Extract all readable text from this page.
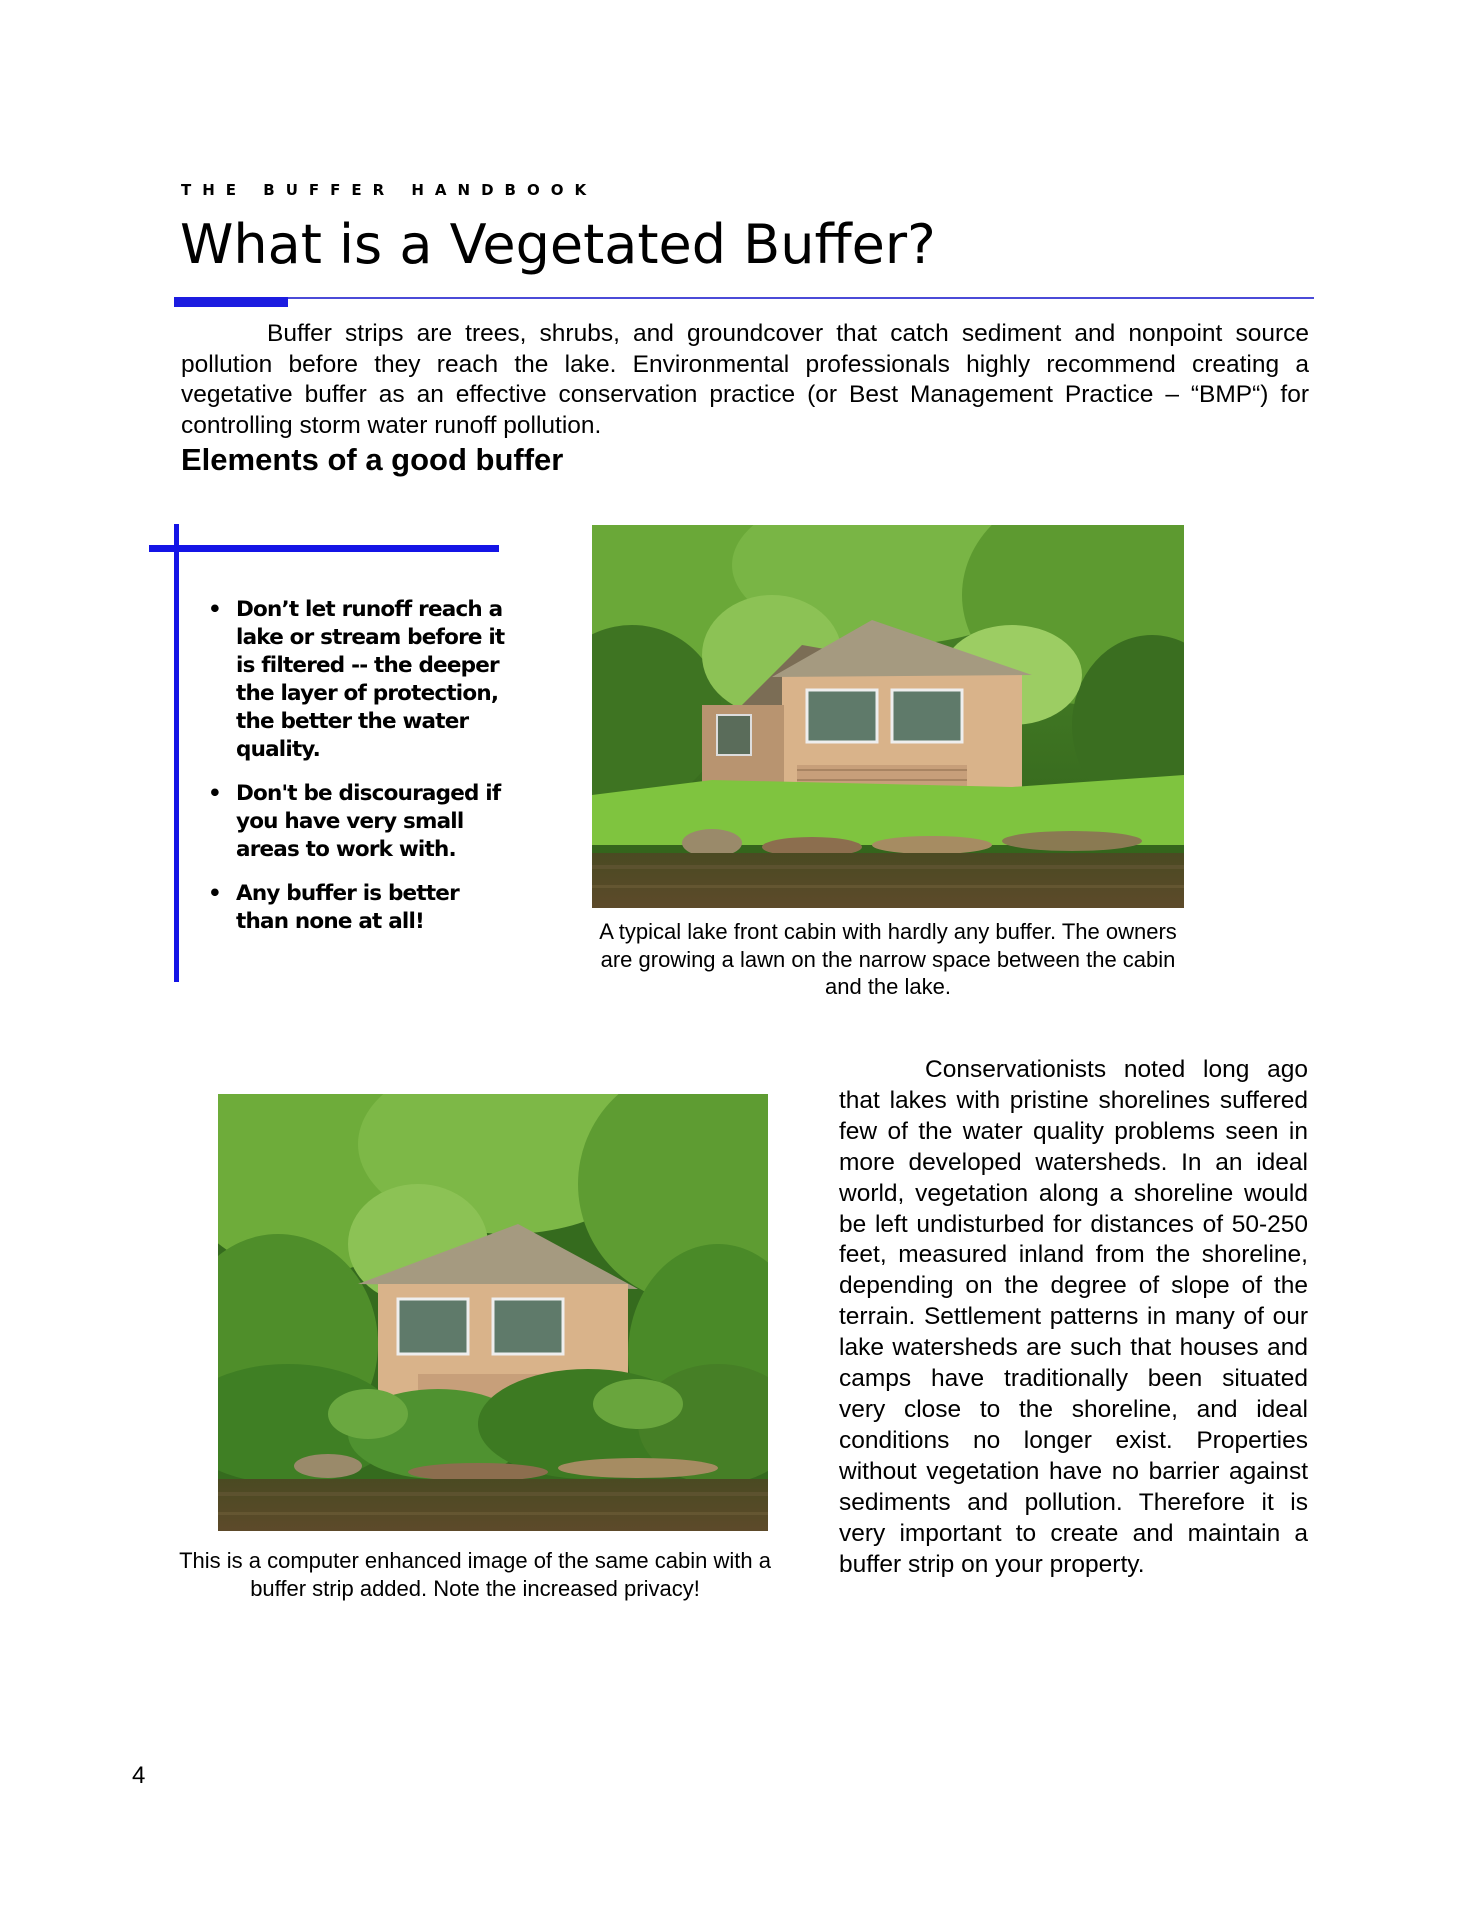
THE BUFFER HANDBOOK
What is a Vegetated Buffer?

Buffer strips are trees, shrubs, and groundcover that catch sediment and nonpoint source pollution before they reach the lake. Environmental professionals highly recommend creating a vegetative buffer as an effective conservation practice (or Best Management Practice – “BMP“) for controlling storm water runoff pollution.

Elements of a good buffer
• Don’t let runoff reach a lake or stream before it is filtered -- the deeper the layer of protection, the better the water quality.
• Don't be discouraged if you have very small areas to work with.
• Any buffer is better than none at all!	A typical lake front cabin with hardly any buffer. The owners are growing a lawn on the narrow space between the cabin and the lake.

This is a computer enhanced image of the same cabin with a buffer strip added. Note the increased privacy!

Conservationists noted long ago that lakes with pristine shorelines suffered few of the water quality problems seen in more developed watersheds. In an ideal world, vegetation along a shoreline would be left undisturbed for distances of 50-250 feet, measured inland from the shoreline, depending on the degree of slope of the terrain. Settlement patterns in many of our lake watersheds are such that houses and camps have traditionally been situated very close to the shoreline, and ideal conditions no longer exist. Properties without vegetation have no barrier against sediments and pollution. Therefore it is very important to create and maintain a buffer strip on your property.

4
